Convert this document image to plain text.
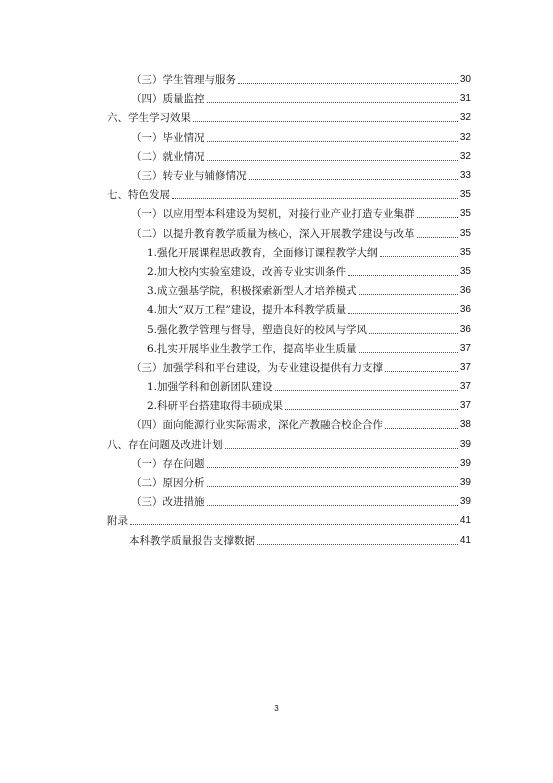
（三）学生管理与服务	30
（四）质量监控	31
六、学生学习效果	32
（一）毕业情况	32
（二）就业情况	32
（三）转专业与辅修情况	33
七、特色发展	35
（一）以应用型本科建设为契机，对接行业产业打造专业集群	35
（二）以提升教育教学质量为核心，深入开展教学建设与改革	35
1.强化开展课程思政教育，全面修订课程教学大纲	35
2.加大校内实验室建设，改善专业实训条件	35
3.成立强基学院，积极探索新型人才培养模式	36
4.加大“双万工程”建设，提升本科教学质量	36
5.强化教学管理与督导，塑造良好的校风与学风	36
6.扎实开展毕业生教学工作，提高毕业生质量	37
（三）加强学科和平台建设，为专业建设提供有力支撑	37
1.加强学科和创新团队建设	37
2.科研平台搭建取得丰硕成果	37
（四）面向能源行业实际需求，深化产教融合校企合作	38
八、存在问题及改进计划	39
（一）存在问题	39
（二）原因分析	39
（三）改进措施	39
附录	41
本科教学质量报告支撑数据	41
3
